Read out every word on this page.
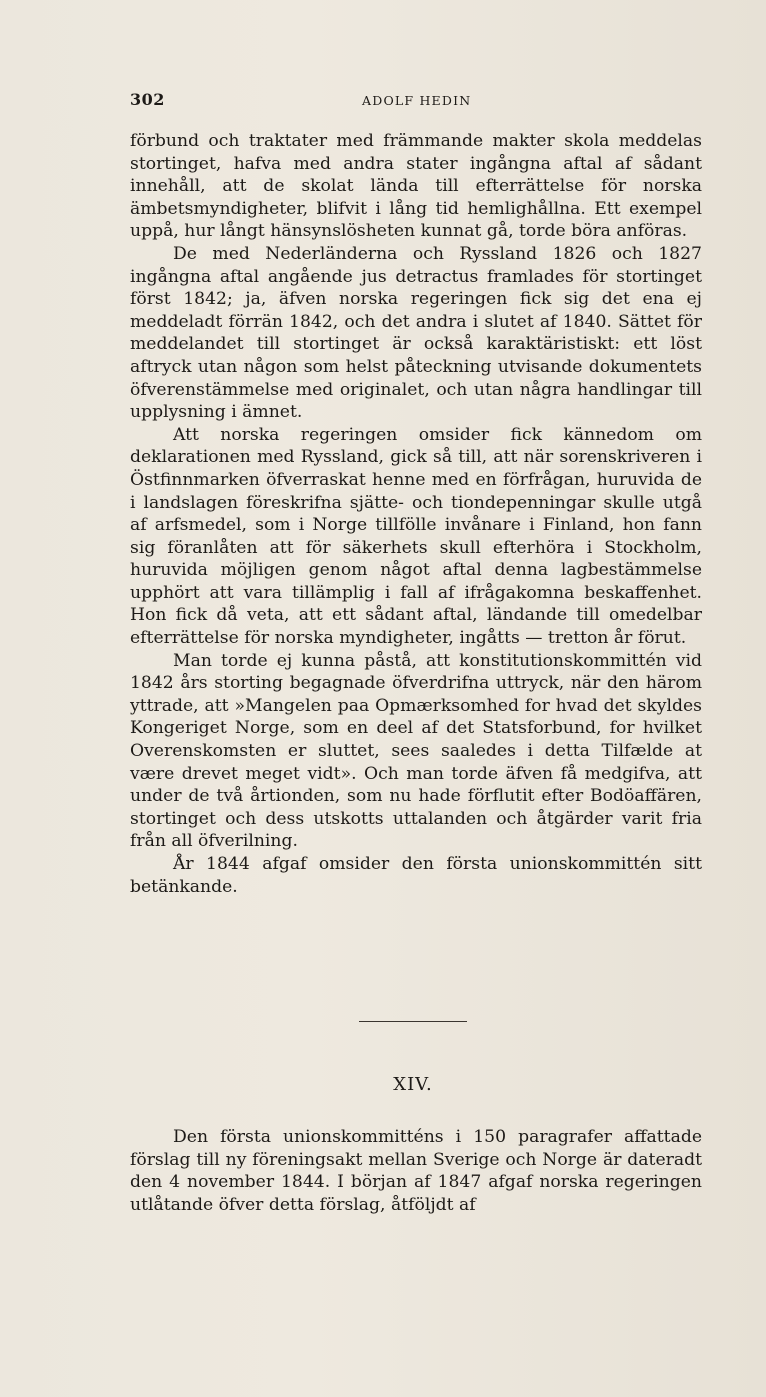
302	ADOLF HEDIN

förbund och traktater med främmande makter skola meddelas stortinget, hafva med andra stater ingångna aftal af sådant innehåll, att de skolat lända till efterrättelse för norska ämbetsmyndigheter, blifvit i lång tid hemlighållna. Ett exempel uppå, hur långt hänsynslösheten kunnat gå, torde böra anföras.

De med Nederländerna och Ryssland 1826 och 1827 ingångna aftal angående jus detractus framlades för stortinget först 1842; ja, äfven norska regeringen fick sig det ena ej meddeladt förrän 1842, och det andra i slutet af 1840. Sättet för meddelandet till stortinget är också karaktäristiskt: ett löst aftryck utan någon som helst påteckning utvisande dokumentets öfverenstämmelse med originalet, och utan några handlingar till upplysning i ämnet.

Att norska regeringen omsider fick kännedom om deklarationen med Ryssland, gick så till, att när sorenskriveren i Östfinnmarken öfverraskat henne med en förfrågan, huruvida de i landslagen föreskrifna sjätte- och tiondepenningar skulle utgå af arfsmedel, som i Norge tillfölle invånare i Finland, hon fann sig föranlåten att för säkerhets skull efterhöra i Stockholm, huruvida möjligen genom något aftal denna lagbestämmelse upphört att vara tillämplig i fall af ifrågakomna beskaffenhet. Hon fick då veta, att ett sådant aftal, ländande till omedelbar efterrättelse för norska myndigheter, ingåtts — tretton år förut.

Man torde ej kunna påstå, att konstitutionskommittén vid 1842 års storting begagnade öfverdrifna uttryck, när den härom yttrade, att »Mangelen paa Opmærksomhed for hvad det skyldes Kongeriget Norge, som en deel af det Statsforbund, for hvilket Overenskomsten er sluttet, sees saaledes i detta Tilfælde at være drevet meget vidt». Och man torde äfven få medgifva, att under de två årtionden, som nu hade förflutit efter Bodöaffären, stortinget och dess utskotts uttalanden och åtgärder varit fria från all öfverilning.

År 1844 afgaf omsider den första unionskommittén sitt betänkande.

XIV.

Den första unionskommitténs i 150 paragrafer affattade förslag till ny föreningsakt mellan Sverige och Norge är dateradt den 4 november 1844. I början af 1847 afgaf norska regeringen utlåtande öfver detta förslag, åtföljdt af
